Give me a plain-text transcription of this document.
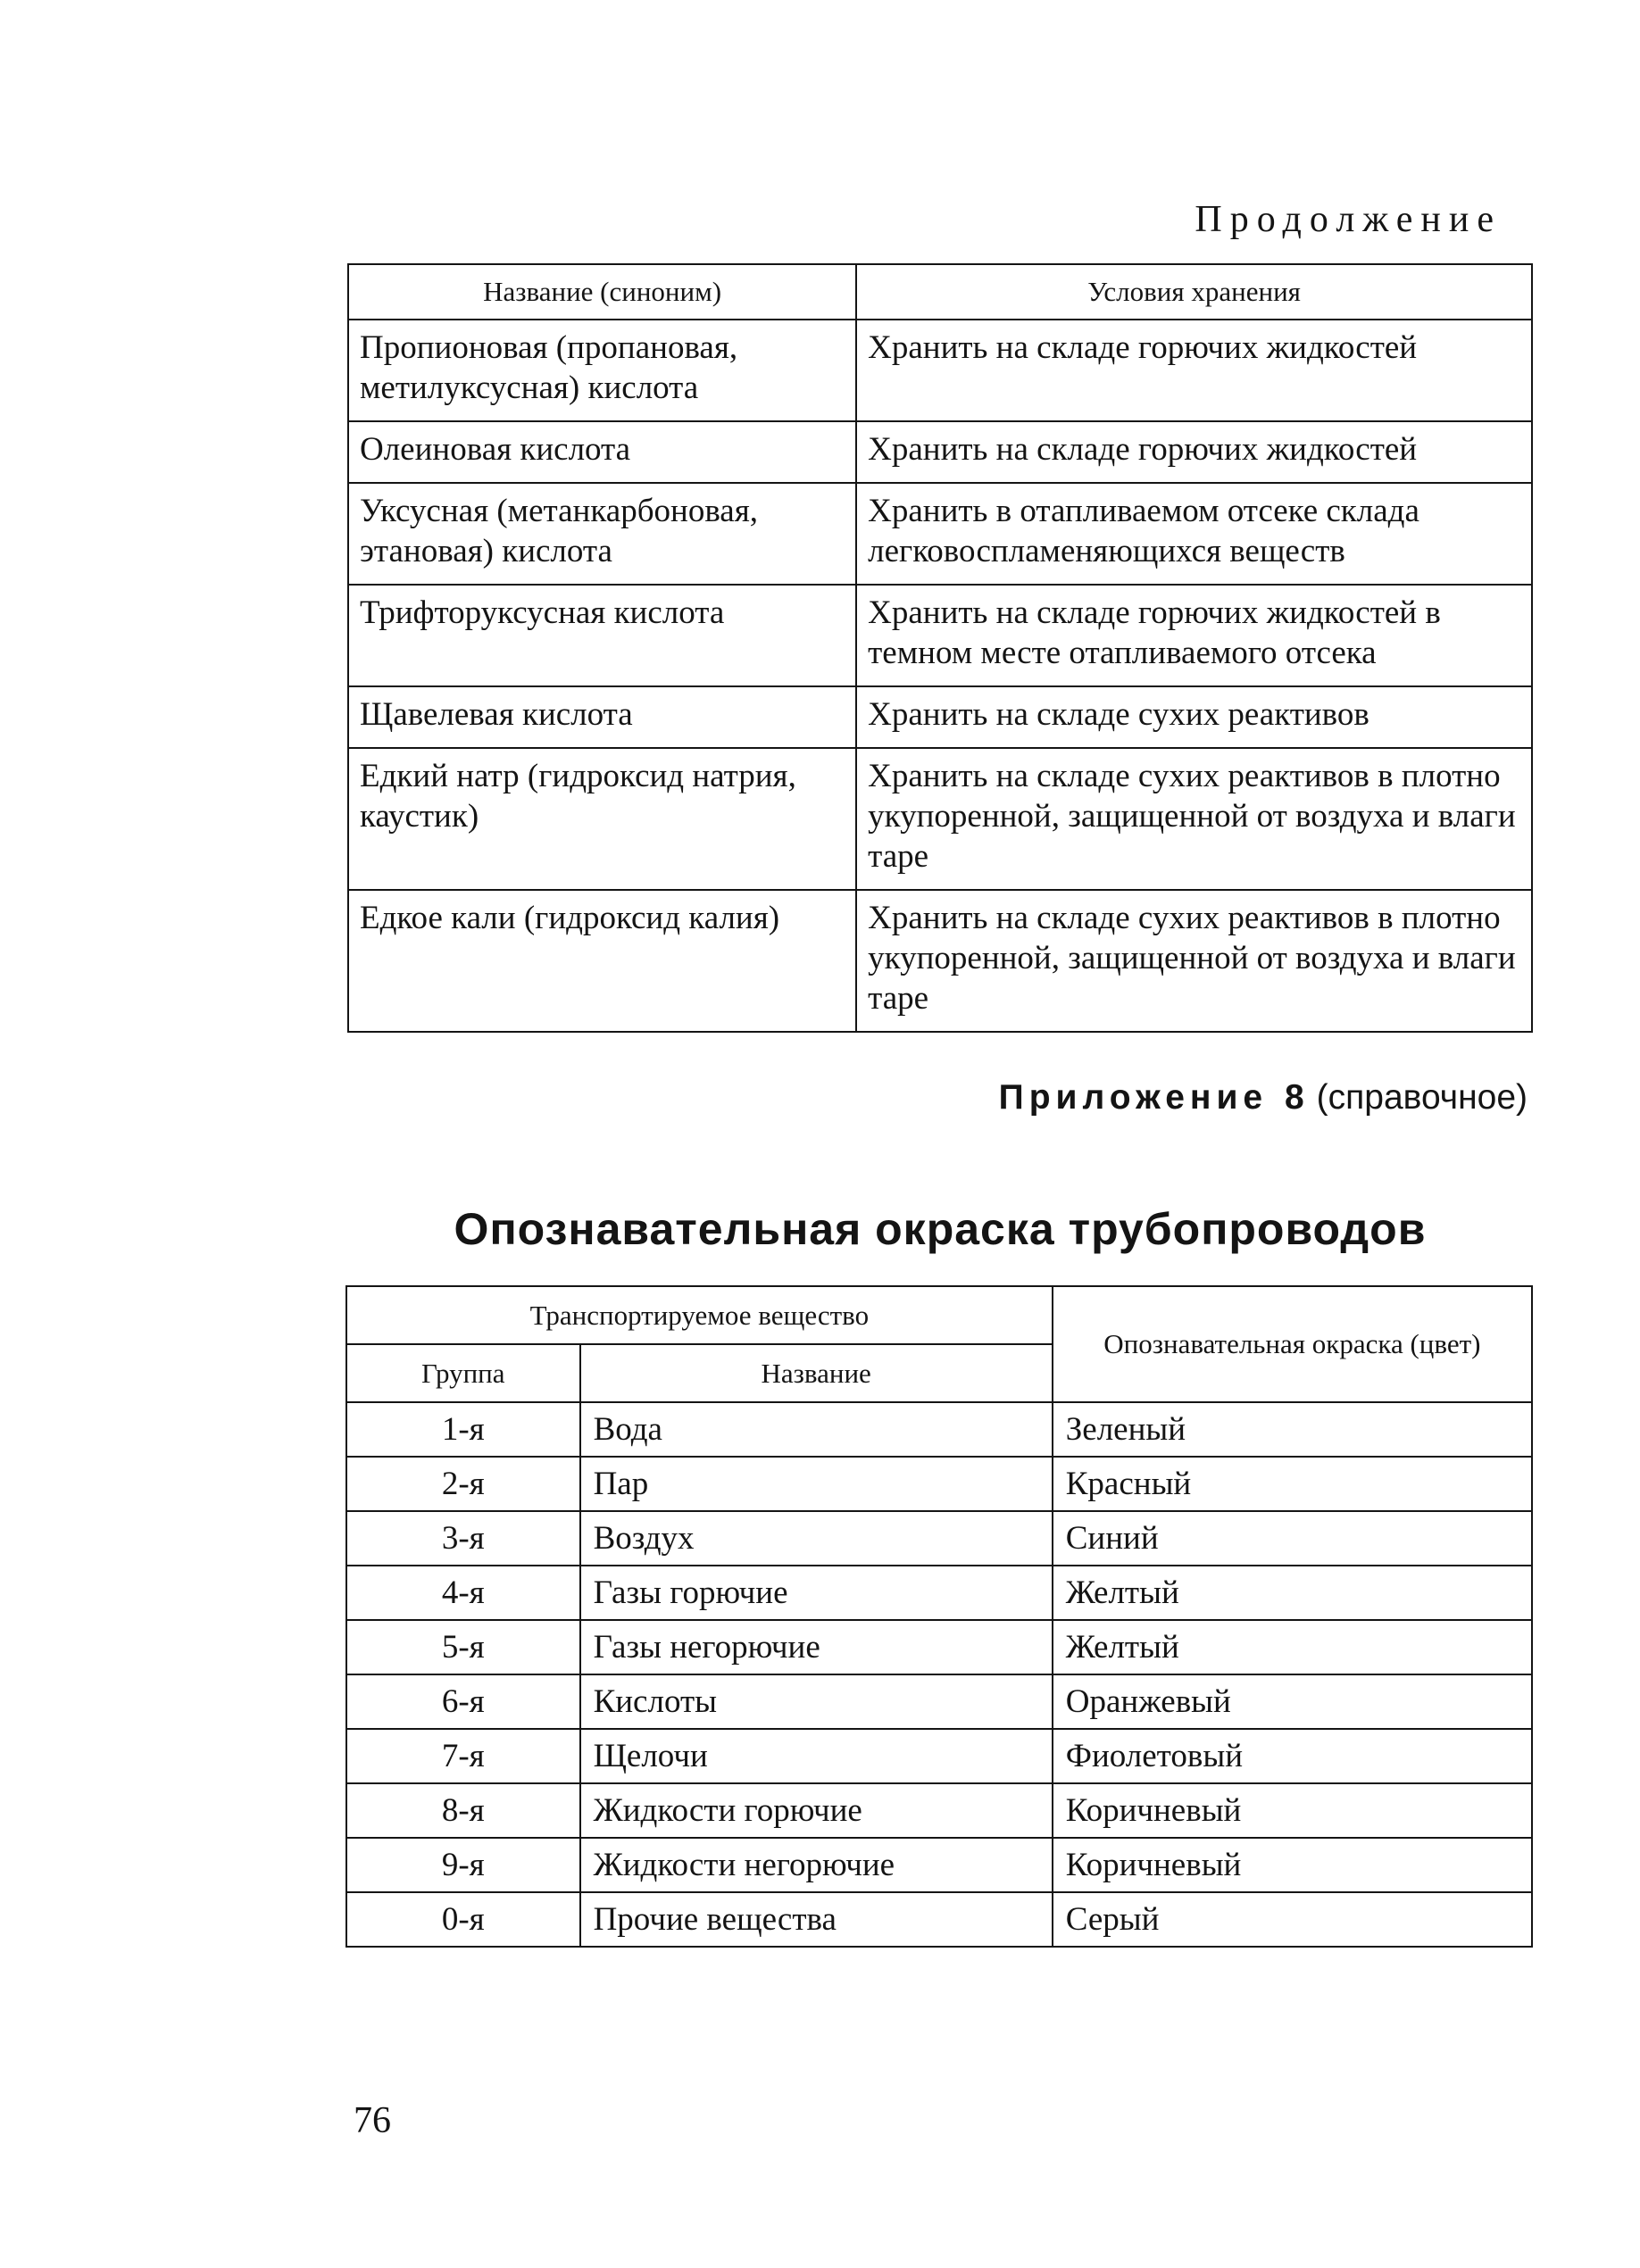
Продолжение

Название (синоним)	Условия хранения
Пропионовая (пропановая, метилуксусная) кислота	Хранить на складе горючих жидкостей
Олеиновая кислота	Хранить на складе горючих жидкостей
Уксусная (метанкарбоновая, этановая) кислота	Хранить в отапливаемом отсеке склада легковоспламеняющихся веществ
Трифторуксусная кислота	Хранить на складе горючих жидкостей в темном месте отапливаемого отсека
Щавелевая кислота	Хранить на складе сухих реактивов
Едкий натр (гидроксид натрия, каустик)	Хранить на складе сухих реактивов в плотно укупоренной, защищенной от воздуха и влаги таре
Едкое кали (гидроксид калия)	Хранить на складе сухих реактивов в плотно укупоренной, защищенной от воздуха и влаги таре

Приложение 8 (справочное)

Опознавательная окраска трубопроводов
Транспортируемое вещество		Опознавательная окраска (цвет)
Группа	Название	
1-я	Вода	Зеленый
2-я	Пар	Красный
3-я	Воздух	Синий
4-я	Газы горючие	Желтый
5-я	Газы негорючие	Желтый
6-я	Кислоты	Оранжевый
7-я	Щелочи	Фиолетовый
8-я	Жидкости горючие	Коричневый
9-я	Жидкости негорючие	Коричневый
0-я	Прочие вещества	Серый

76
